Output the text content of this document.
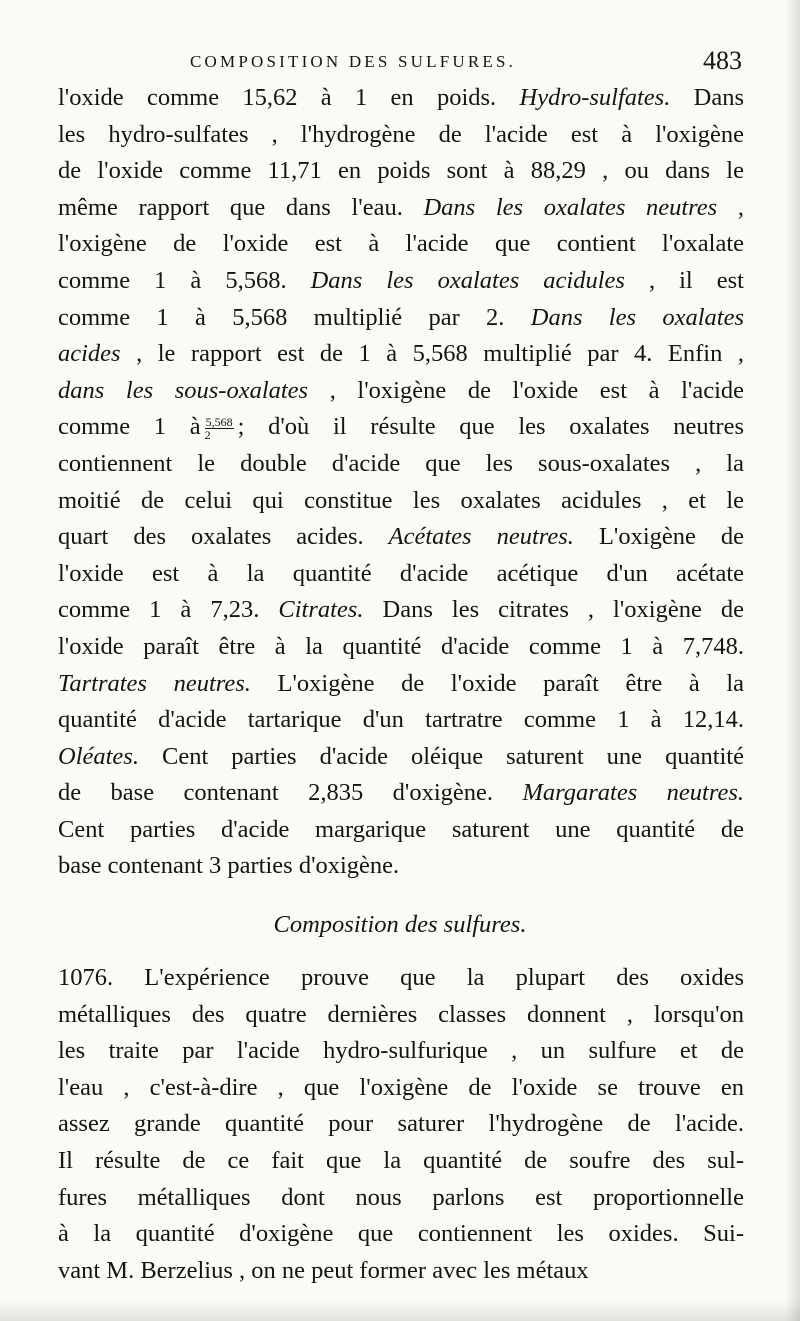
COMPOSITION DES SULFURES.	483
l'oxide comme 15,62 à 1 en poids. Hydro-sulfates. Dans
les hydro-sulfates , l'hydrogène de l'acide est à l'oxigène
de l'oxide comme 11,71 en poids sont à 88,29 , ou dans le
même rapport que dans l'eau. Dans les oxalates neutres ,
l'oxigène de l'oxide est à l'acide que contient l'oxalate
comme 1 à 5,568. Dans les oxalates acidules , il est
comme 1 à 5,568 multiplié par 2. Dans les oxalates
acides , le rapport est de 1 à 5,568 multiplié par 4. Enfin ,
dans les sous-oxalates , l'oxigène de l'oxide est à l'acide
comme 1 à $\frac{5,568}{2}$ ; d'où il résulte que les oxalates neutres
contiennent le double d'acide que les sous-oxalates , la
moitié de celui qui constitue les oxalates acidules , et le
quart des oxalates acides. Acétates neutres. L'oxigène de
l'oxide est à la quantité d'acide acétique d'un acétate
comme 1 à 7,23. Citrates. Dans les citrates , l'oxigène de
l'oxide paraît être à la quantité d'acide comme 1 à 7,748.
Tartrates neutres. L'oxigène de l'oxide paraît être à la
quantité d'acide tartarique d'un tartratre comme 1 à 12,14.
Oléates. Cent parties d'acide oléique saturent une quantité
de base contenant 2,835 d'oxigène. Margarates neutres.
Cent parties d'acide margarique saturent une quantité de
base contenant 3 parties d'oxigène.
Composition des sulfures.
1076. L'expérience prouve que la plupart des oxides
métalliques des quatre dernières classes donnent , lorsqu'on
les traite par l'acide hydro-sulfurique , un sulfure et de
l'eau , c'est-à-dire , que l'oxigène de l'oxide se trouve en
assez grande quantité pour saturer l'hydrogène de l'acide.
Il résulte de ce fait que la quantité de soufre des sul-
fures métalliques dont nous parlons est proportionnelle
à la quantité d'oxigène que contiennent les oxides. Sui-
vant M. Berzelius , on ne peut former avec les métaux
